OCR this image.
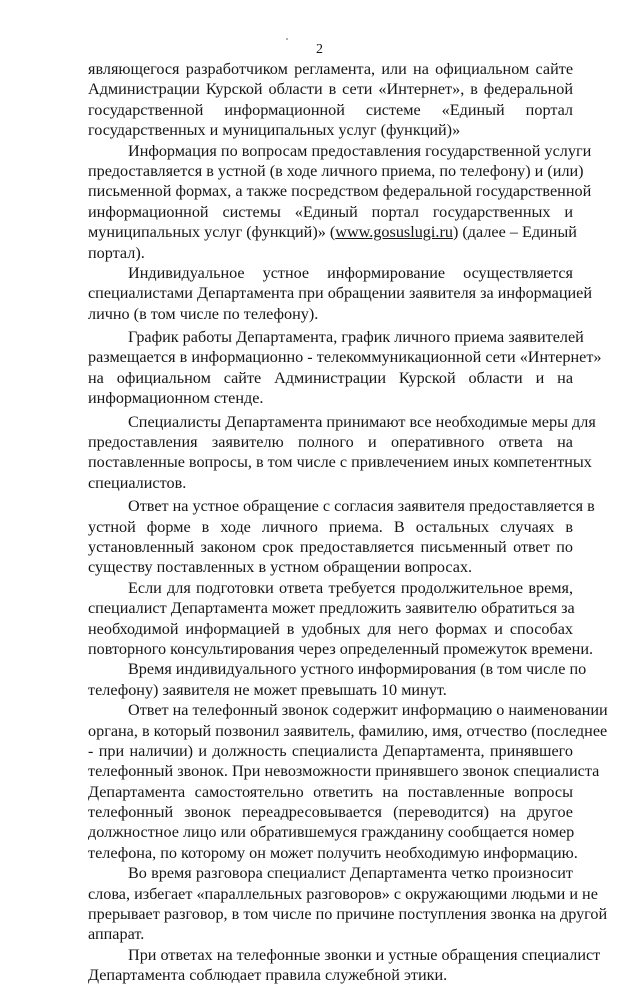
2
являющегося разработчиком регламента, или на официальном сайте
Администрации Курской области в сети «Интернет», в федеральной
государственной информационной системе «Единый портал
государственных и муниципальных услуг (функций)»
Информация по вопросам предоставления государственной услуги
предоставляется в устной (в ходе личного приема, по телефону) и (или)
письменной формах, а также посредством федеральной государственной
информационной системы «Единый портал государственных и
муниципальных услуг (функций)» (www.gosuslugi.ru) (далее – Единый
портал).
Индивидуальное устное информирование осуществляется
специалистами Департамента при обращении заявителя за информацией
лично (в том числе по телефону).
График работы Департамента, график личного приема заявителей
размещается в информационно - телекоммуникационной сети «Интернет»
на официальном сайте Администрации Курской области и на
информационном стенде.
Специалисты Департамента принимают все необходимые меры для
предоставления заявителю полного и оперативного ответа на
поставленные вопросы, в том числе с привлечением иных компетентных
специалистов.
Ответ на устное обращение с согласия заявителя предоставляется в
устной форме в ходе личного приема. В остальных случаях в
установленный законом срок предоставляется письменный ответ по
существу поставленных в устном обращении вопросах.
Если для подготовки ответа требуется продолжительное время,
специалист Департамента может предложить заявителю обратиться за
необходимой информацией в удобных для него формах и способах
повторного консультирования через определенный промежуток времени.
Время индивидуального устного информирования (в том числе по
телефону) заявителя не может превышать 10 минут.
Ответ на телефонный звонок содержит информацию о наименовании
органа, в который позвонил заявитель, фамилию, имя, отчество (последнее
- при наличии) и должность специалиста Департамента, принявшего
телефонный звонок. При невозможности принявшего звонок специалиста
Департамента самостоятельно ответить на поставленные вопросы
телефонный звонок переадресовывается (переводится) на другое
должностное лицо или обратившемуся гражданину сообщается номер
телефона, по которому он может получить необходимую информацию.
Во время разговора специалист Департамента четко произносит
слова, избегает «параллельных разговоров» с окружающими людьми и не
прерывает разговор, в том числе по причине поступления звонка на другой
аппарат.
При ответах на телефонные звонки и устные обращения специалист
Департамента соблюдает правила служебной этики.
